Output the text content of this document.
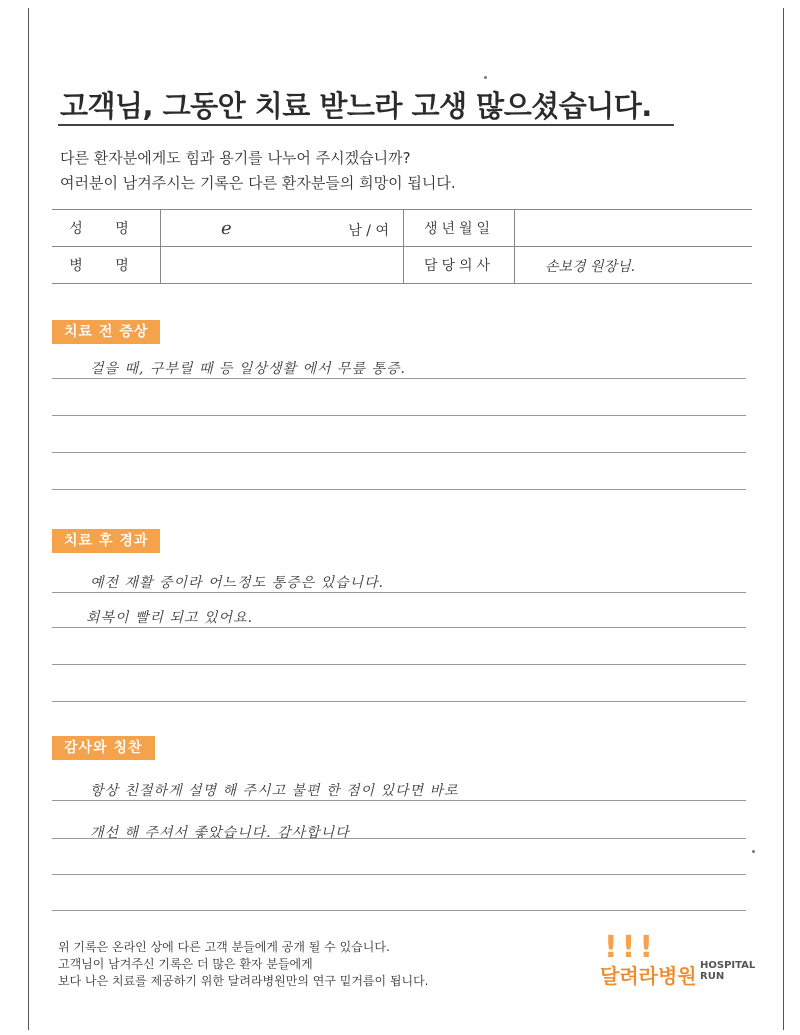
고객님, 그동안 치료 받느라 고생 많으셨습니다.
다른 환자분에게도 힘과 용기를 나누어 주시겠습니까?
여러분이 남겨주시는 기록은 다른 환자분들의 희망이 됩니다.
성 명	e 남 / 여	생년월일	
병 명		담당의사	손보경 원장님.
치료 전 증상
걸을 때, 구부릴 때 등 일상생활 에서 무릎 통증.
치료 후 경과
예전 재활 중이라 어느정도 통증은 있습니다.
회복이 빨리 되고 있어요.
감사와 칭찬
항상 친절하게 설명 해 주시고 불편 한 점이 있다면 바로
개선 해 주셔서 좋았습니다. 감사합니다
위 기록은 온라인 상에 다른 고객 분들에게 공개 될 수 있습니다.
고객님이 남겨주신 기록은 더 많은 환자 분들에게
보다 나은 치료를 제공하기 위한 달려라병원만의 연구 밑거름이 됩니다.
!!!
달려라병원 HOSPITAL
RUN
